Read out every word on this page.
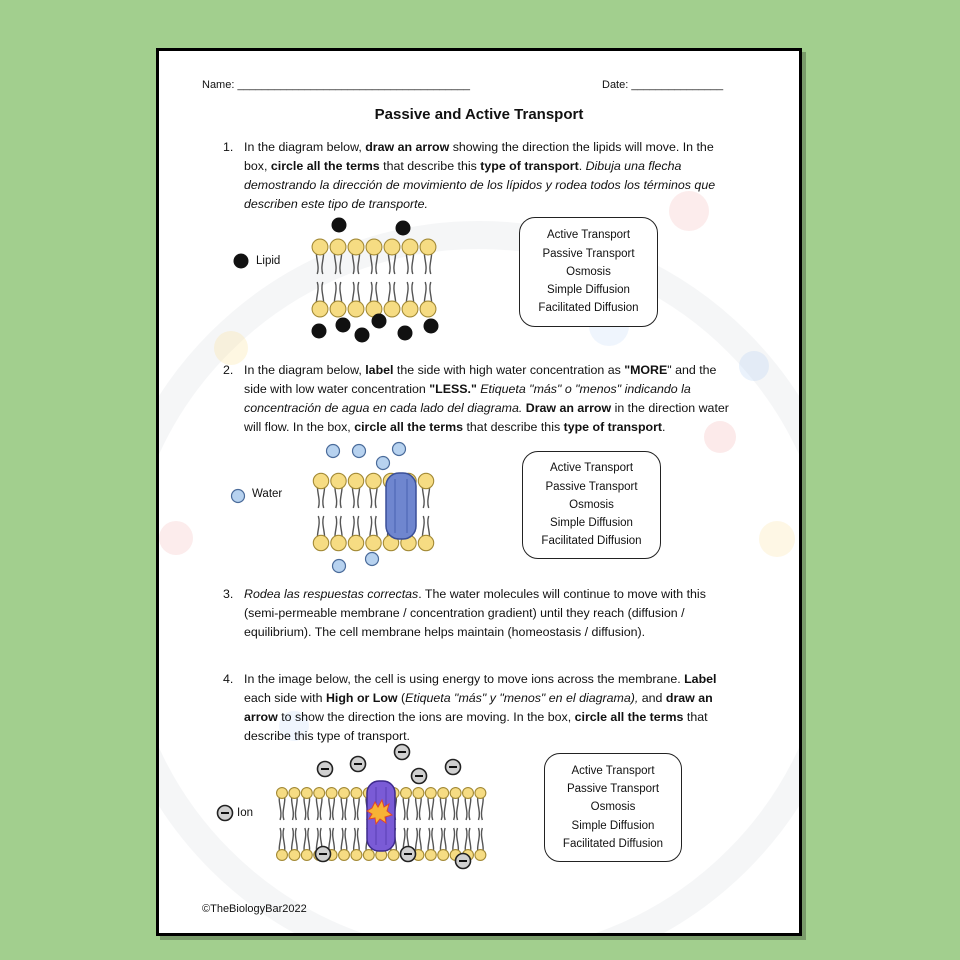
Name: ______________________________________	Date: _______________
Passive and Active Transport
1. In the diagram below, draw an arrow showing the direction the lipids will move. In the
box, circle all the terms that describe this type of transport. Dibuja una flecha
demostrando la dirección de movimiento de los lípidos y rodea todos los términos que
describen este tipo de transporte.
Lipid
Active Transport
Passive Transport
Osmosis
Simple Diffusion
Facilitated Diffusion
2. In the diagram below, label the side with high water concentration as "MORE" and the
side with low water concentration "LESS." Etiqueta "más" o "menos" indicando la
concentración de agua en cada lado del diagrama. Draw an arrow in the direction water
will flow. In the box, circle all the terms that describe this type of transport.
Water
Active Transport
Passive Transport
Osmosis
Simple Diffusion
Facilitated Diffusion
3. Rodea las respuestas correctas. The water molecules will continue to move with this
(semi-permeable membrane / concentration gradient) until they reach (diffusion /
equilibrium). The cell membrane helps maintain (homeostasis / diffusion).
4. In the image below, the cell is using energy to move ions across the membrane. Label
each side with High or Low (Etiqueta "más" y "menos" en el diagrama), and draw an
arrow to show the direction the ions are moving. In the box, circle all the terms that
describe this type of transport.
Ion
Active Transport
Passive Transport
Osmosis
Simple Diffusion
Facilitated Diffusion
©TheBiologyBar2022
